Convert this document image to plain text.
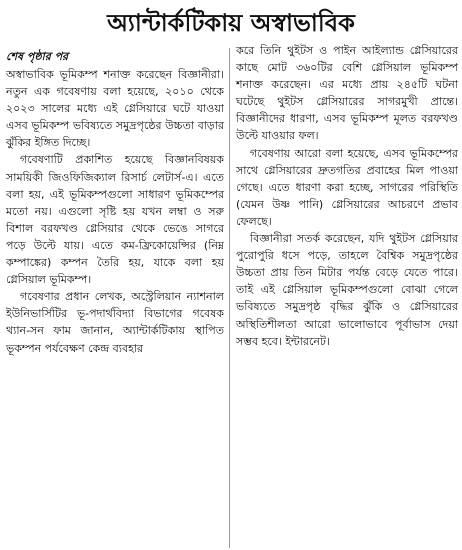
অ্যান্টার্কটিকায় অস্বাভাবিক
শেষ পৃষ্ঠার পর

অস্বাভাবিক ভূমিকম্প শনাক্ত করেছেন বিজ্ঞানীরা। নতুন এক গবেষণায় বলা হয়েছে, ২০১০ থেকে ২০২৩ সালের মধ্যে এই গ্লেসিয়ারে ঘটে যাওয়া এসব ভূমিকম্প ভবিষ্যতে সমুদ্রপৃষ্ঠের উচ্চতা বাড়ার ঝুঁকির ইঙ্গিত দিচ্ছে।

গবেষণাটি প্রকাশিত হয়েছে বিজ্ঞানবিষয়ক সাময়িকী জিওফিজিক্যাল রিসার্চ লেটার্স-এ। এতে বলা হয়, এই ভূমিকম্পগুলো সাধারণ ভূমিকম্পের মতো নয়। এগুলো সৃষ্টি হয় যখন লম্বা ও সরু বিশাল বরফখণ্ড গ্লেসিয়ার থেকে ভেঙে সাগরে পড়ে উল্টে যায়। এতে কম-ফ্রিকোয়েন্সির (নিম্ন কম্পাঙ্কের) কম্পন তৈরি হয়, যাকে বলা হয় গ্লেসিয়াল ভূমিকম্প।

গবেষণার প্রধান লেখক, অস্ট্রেলিয়ান ন্যাশনাল ইউনিভার্সিটির ভূ-পদার্থবিদ্যা বিভাগের গবেষক থ্যান-সন ফাম জানান, অ্যান্টার্কটিকায় স্থাপিত ভূকম্পন পর্যবেক্ষণ কেন্দ্র ব্যবহার

করে তিনি থুইটস ও পাইন আইল্যান্ড গ্লেসিয়ারের কাছে মোট ৩৬০টির বেশি গ্লেসিয়াল ভূমিকম্প শনাক্ত করেছেন। এর মধ্যে প্রায় ২৪৫টি ঘটনা ঘটেছে থুইটস গ্লেসিয়ারের সাগরমুখী প্রান্তে। বিজ্ঞানীদের ধারণা, এসব ভূমিকম্প মূলত বরফখণ্ড উল্টে যাওয়ার ফল।

গবেষণায় আরো বলা হয়েছে, এসব ভূমিকম্পের সাথে গ্লেসিয়ারের দ্রুতগতির প্রবাহের মিল পাওয়া গেছে। এতে ধারণা করা হচ্ছে, সাগরের পরিস্থিতি (যেমন উষ্ণ পানি) গ্লেসিয়ারের আচরণে প্রভাব ফেলছে।

বিজ্ঞানীরা সতর্ক করেছেন, যদি থুইটস গ্লেসিয়ার পুরোপুরি ধসে পড়ে, তাহলে বৈশ্বিক সমুদ্রপৃষ্ঠের উচ্চতা প্রায় তিন মিটার পর্যন্ত বেড়ে যেতে পারে। তাই এই গ্লেসিয়াল ভূমিকম্পগুলো বোঝা গেলে ভবিষ্যতে সমুদ্রপৃষ্ঠ বৃদ্ধির ঝুঁকি ও গ্লেসিয়ারের অস্থিতিশীলতা আরো ভালোভাবে পূর্বাভাস দেয়া সম্ভব হবে। ইন্টারনেট।
